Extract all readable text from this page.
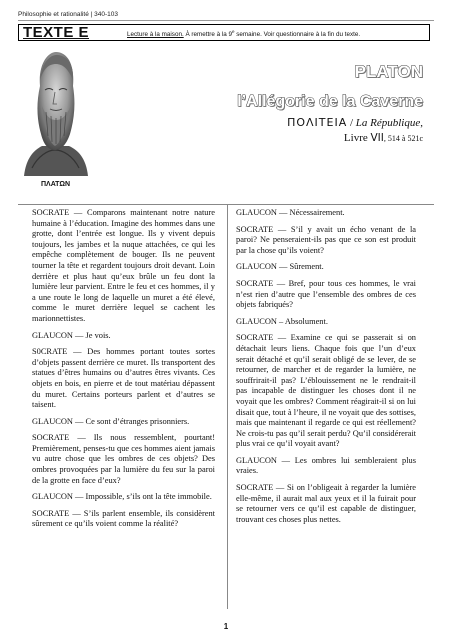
Philosophie et rationalité | 340-103
TEXTE E	Lecture à la maison. À remettre à la 9e semaine. Voir questionnaire à la fin du texte.
ΠΛΑΤΩΝ
PLATON
l’Allégorie de la Caverne
ΠΟΛΙΤΕΙΑ / La République,
Livre VII, 514 à 521c

SOCRATE — Comparons maintenant notre nature humaine à l’éducation. Imagine des hommes dans une grotte, dont l’entrée est longue. Ils y vivent depuis toujours, les jambes et la nuque attachées, ce qui les empêche complètement de bouger. Ils ne peuvent tourner la tête et regardent toujours droit devant. Loin derrière et plus haut qu’eux brûle un feu dont la lumière leur parvient. Entre le feu et ces hommes, il y a une route le long de laquelle un muret a été élevé, comme le muret derrière lequel se cachent les marionnettistes.

GLAUCON — Je vois.

S0CRATE — Des hommes portant toutes sortes d’objets passent derrière ce muret. Ils transportent des statues d’êtres humains ou d’autres êtres vivants. Ces objets en bois, en pierre et de tout matériau dépassent du muret. Certains porteurs parlent et d’autres se taisent.

GLAUCON — Ce sont d’étranges prisonniers.

SOCRATE — Ils nous ressemblent, pourtant! Premièrement, penses-tu que ces hommes aient jamais vu autre chose que les ombres de ces objets? Des ombres provoquées par la lumière du feu sur la paroi de la grotte en face d’eux?

GLAUCON — Impossible, s’ils ont la tête immobile.

SOCRATE — S’ils parlent ensemble, ils considèrent sûrement ce qu’ils voient comme la réalité?

GLAUCON — Nécessairement.

SOCRATE — S’il y avait un écho venant de la paroi? Ne penseraient-ils pas que ce son est produit par la chose qu’ils voient?

GLAUCON — Sûrement.

SOCRATE — Bref, pour tous ces hommes, le vrai n’est rien d’autre que l’ensemble des ombres de ces objets fabriqués?

GLAUCON – Absolument.

SOCRATE — Examine ce qui se passerait si on détachait leurs liens. Chaque fois que l’un d’eux serait détaché et qu’il serait obligé de se lever, de se retourner, de marcher et de regarder la lumière, ne souffrirait-il pas? L’éblouissement ne le rendrait-il pas incapable de distinguer les choses dont il ne voyait que les ombres? Comment réagirait-il si on lui disait que, tout à l’heure, il ne voyait que des sottises, mais que maintenant il regarde ce qui est réellement? Ne crois-tu pas qu’il serait perdu? Qu’il considérerait plus vrai ce qu’il voyait avant?

GLAUCON — Les ombres lui sembleraient plus vraies.

SOCRATE — Si on l’obligeait à regarder la lumière elle-même, il aurait mal aux yeux et il la fuirait pour se retourner vers ce qu’il est capable de distinguer, trouvant ces choses plus nettes.

1
